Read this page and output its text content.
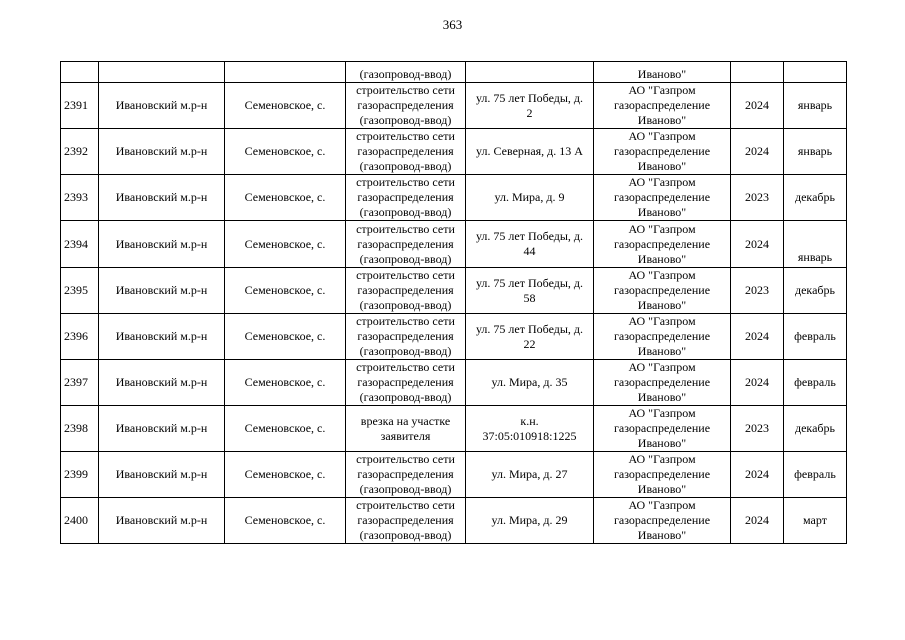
363
			(газопровод-ввод)		Иваново"		
2391	Ивановский м.р-н	Семеновское, с.	строительство сети
газораспределения
(газопровод-ввод)	ул. 75 лет Победы, д.
2	АО "Газпром
газораспределение
Иваново"	2024	январь
2392	Ивановский м.р-н	Семеновское, с.	строительство сети
газораспределения
(газопровод-ввод)	ул. Северная, д. 13 А	АО "Газпром
газораспределение
Иваново"	2024	январь
2393	Ивановский м.р-н	Семеновское, с.	строительство сети
газораспределения
(газопровод-ввод)	ул. Мира, д. 9	АО "Газпром
газораспределение
Иваново"	2023	декабрь
2394	Ивановский м.р-н	Семеновское, с.	строительство сети
газораспределения
(газопровод-ввод)	ул. 75 лет Победы, д.
44	АО "Газпром
газораспределение
Иваново"	2024	январь
2395	Ивановский м.р-н	Семеновское, с.	строительство сети
газораспределения
(газопровод-ввод)	ул. 75 лет Победы, д.
58	АО "Газпром
газораспределение
Иваново"	2023	декабрь
2396	Ивановский м.р-н	Семеновское, с.	строительство сети
газораспределения
(газопровод-ввод)	ул. 75 лет Победы, д.
22	АО "Газпром
газораспределение
Иваново"	2024	февраль
2397	Ивановский м.р-н	Семеновское, с.	строительство сети
газораспределения
(газопровод-ввод)	ул. Мира, д. 35	АО "Газпром
газораспределение
Иваново"	2024	февраль
2398	Ивановский м.р-н	Семеновское, с.	врезка на участке
заявителя	к.н.
37:05:010918:1225	АО "Газпром
газораспределение
Иваново"	2023	декабрь
2399	Ивановский м.р-н	Семеновское, с.	строительство сети
газораспределения
(газопровод-ввод)	ул. Мира, д. 27	АО "Газпром
газораспределение
Иваново"	2024	февраль
2400	Ивановский м.р-н	Семеновское, с.	строительство сети
газораспределения
(газопровод-ввод)	ул. Мира, д. 29	АО "Газпром
газораспределение
Иваново"	2024	март
